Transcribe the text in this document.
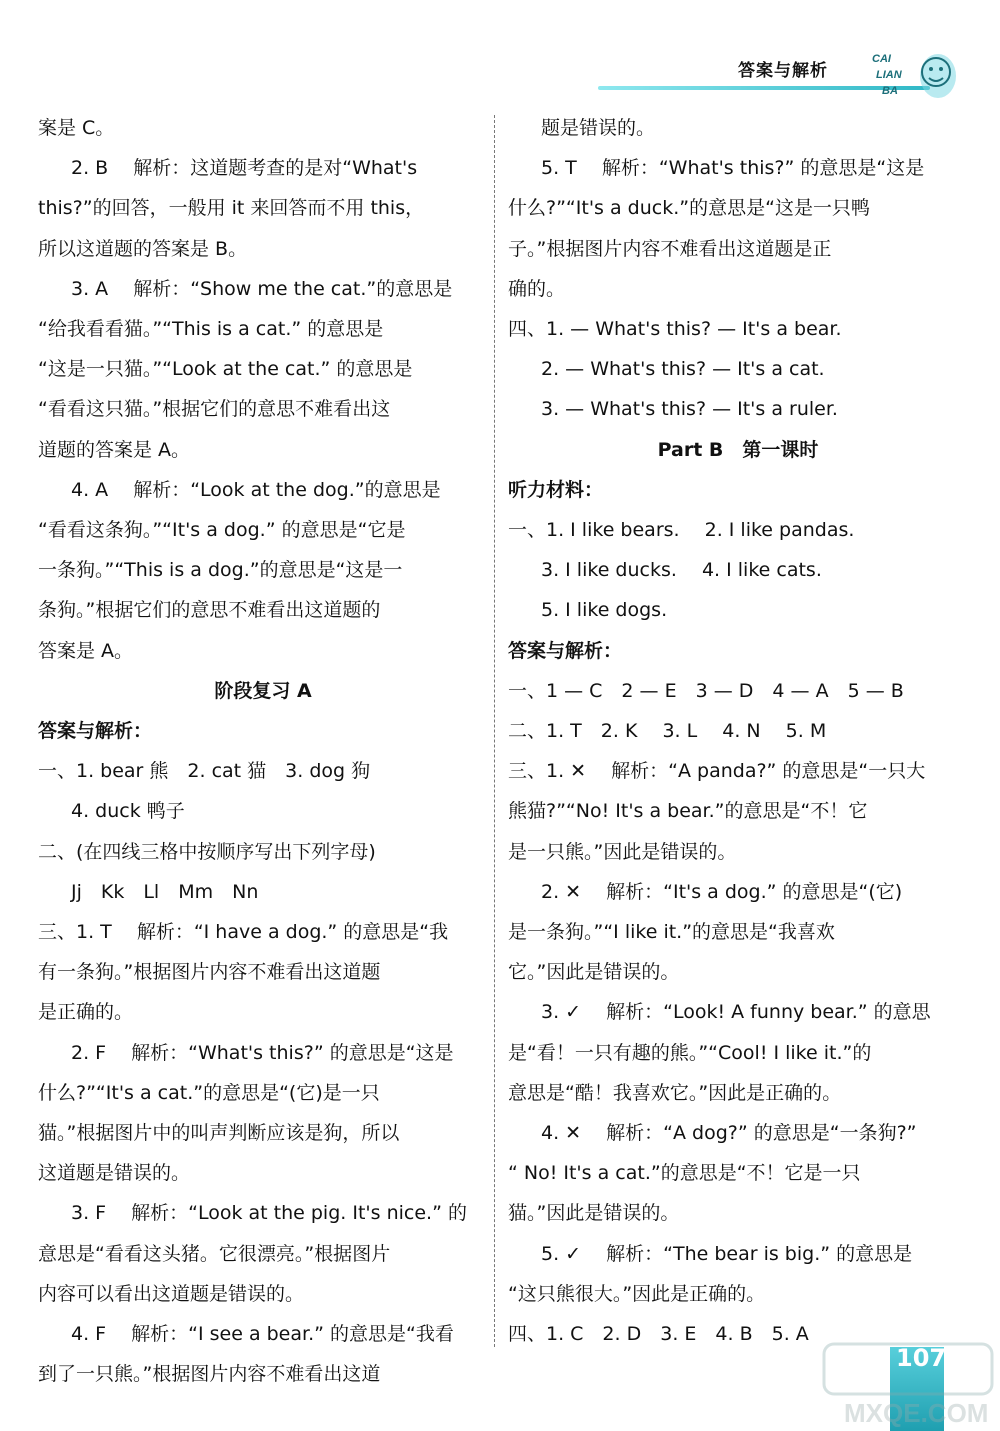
答案与解析
CAI
LIAN
BA
案是 C。
2. B　 解析：这道题考查的是对“What's
this?”的回答，一般用 it 来回答而不用 this，
所以这道题的答案是 B。
3. A　 解析：“Show me the cat.”的意思是
“给我看看猫。”“This is a cat.” 的意思是
“这是一只猫。”“Look at the cat.” 的意思是
“看看这只猫。”根据它们的意思不难看出这
道题的答案是 A。
4. A　 解析：“Look at the dog.”的意思是
“看看这条狗。”“It's a dog.” 的意思是“它是
一条狗。”“This is a dog.”的意思是“这是一
条狗。”根据它们的意思不难看出这道题的
答案是 A。
阶段复习 A
答案与解析：
一、1. bear 熊　2. cat 猫　3. dog 狗
4. duck 鸭子
二、(在四线三格中按顺序写出下列字母)
Jj　Kk　Ll　Mm　Nn
三、1. T　 解析：“I have a dog.” 的意思是“我
有一条狗。”根据图片内容不难看出这道题
是正确的。
2. F　 解析：“What's this?” 的意思是“这是
什么?”“It's a cat.”的意思是“(它)是一只
猫。”根据图片中的叫声判断应该是狗，所以
这道题是错误的。
3. F　 解析：“Look at the pig. It's nice.” 的
意思是“看看这头猪。它很漂亮。”根据图片
内容可以看出这道题是错误的。
4. F　 解析：“I see a bear.” 的意思是“我看
到了一只熊。”根据图片内容不难看出这道
题是错误的。
5. T　 解析：“What's this?” 的意思是“这是
什么?”“It's a duck.”的意思是“这是一只鸭
子。”根据图片内容不难看出这道题是正
确的。
四、1. — What's this? — It's a bear.
2. — What's this? — It's a cat.
3. — What's this? — It's a ruler.
Part B　第一课时
听力材料：
一、1. I like bears.　 2. I like pandas.
3. I like ducks.　 4. I like cats.
5. I like dogs.
答案与解析：
一、1 — C　2 — E　3 — D　4 — A　5 — B
二、1. T　2. K　 3. L　 4. N　 5. M
三、1. ✕　 解析：“A panda?” 的意思是“一只大
熊猫?”“No! It's a bear.”的意思是“不！它
是一只熊。”因此是错误的。
2. ✕　 解析：“It's a dog.” 的意思是“(它)
是一条狗。”“I like it.”的意思是“我喜欢
它。”因此是错误的。
3. ✓　 解析：“Look! A funny bear.” 的意思
是“看！一只有趣的熊。”“Cool! I like it.”的
意思是“酷！我喜欢它。”因此是正确的。
4. ✕　 解析：“A dog?” 的意思是“一条狗?”
“ No! It's a cat.”的意思是“不！它是一只
猫。”因此是错误的。
5. ✓　 解析：“The bear is big.” 的意思是
“这只熊很大。”因此是正确的。
四、1. C　2. D　3. E　4. B　5. A
107
MXQE.COM
